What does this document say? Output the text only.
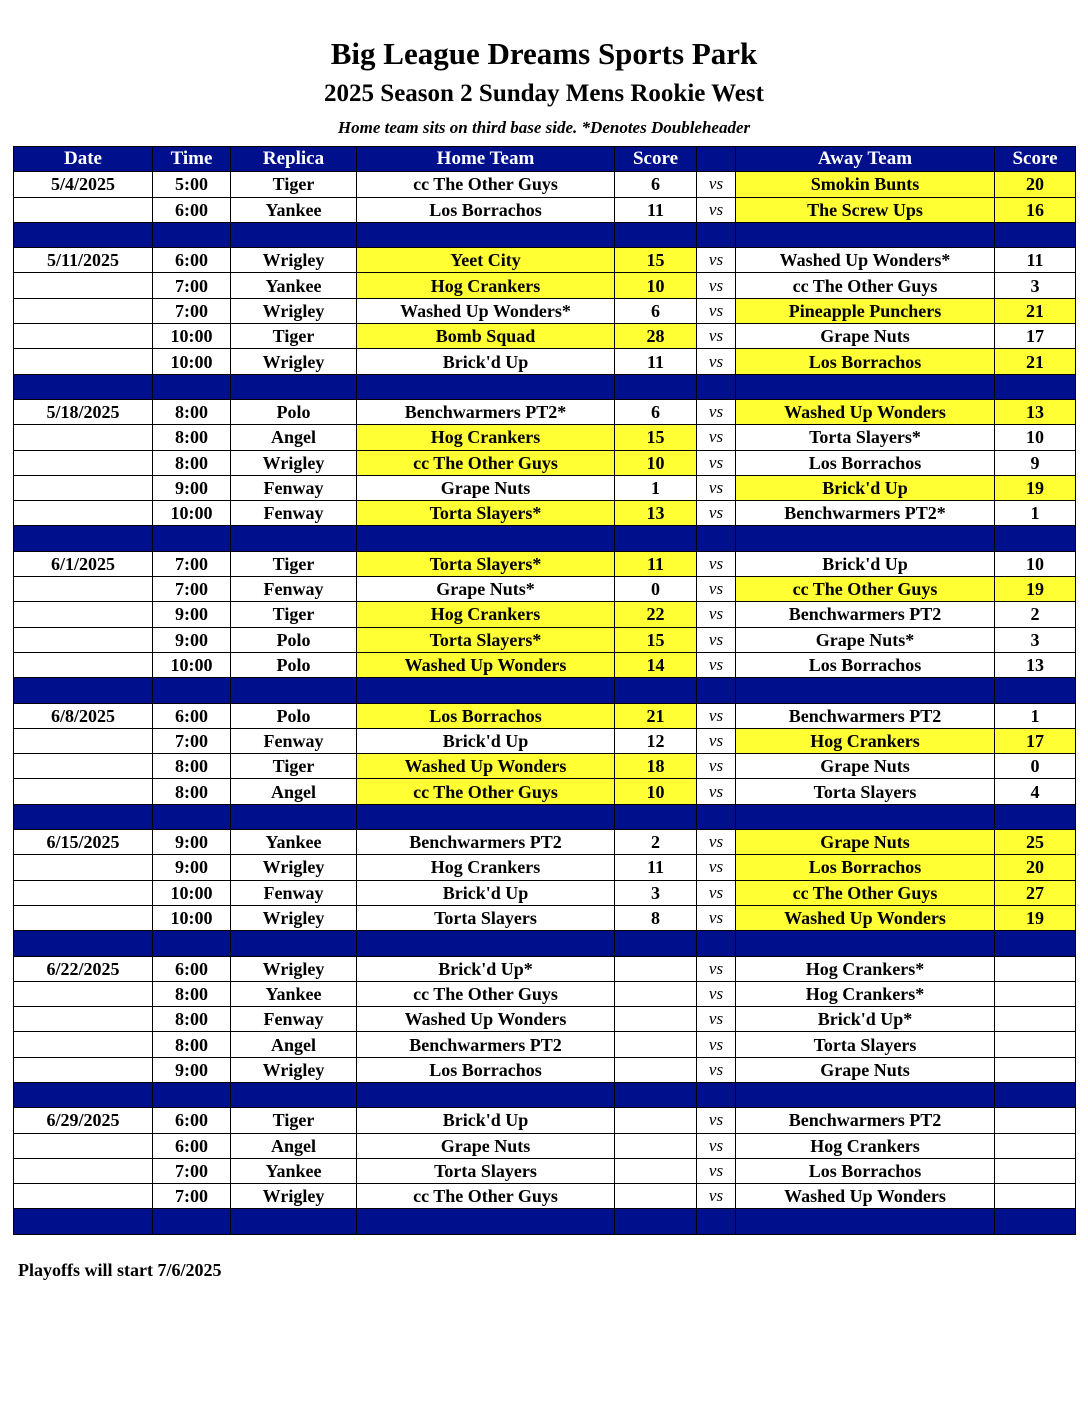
Big League Dreams Sports Park
2025 Season 2 Sunday Mens Rookie West
Home team sits on third base side. *Denotes Doubleheader
Date	Time	Replica	Home Team	Score		Away Team	Score
5/4/2025	5:00	Tiger	cc The Other Guys	6	vs	Smokin Bunts	20
	6:00	Yankee	Los Borrachos	11	vs	The Screw Ups	16

5/11/2025	6:00	Wrigley	Yeet City	15	vs	Washed Up Wonders*	11
	7:00	Yankee	Hog Crankers	10	vs	cc The Other Guys	3
	7:00	Wrigley	Washed Up Wonders*	6	vs	Pineapple Punchers	21
	10:00	Tiger	Bomb Squad	28	vs	Grape Nuts	17
	10:00	Wrigley	Brick'd Up	11	vs	Los Borrachos	21

5/18/2025	8:00	Polo	Benchwarmers PT2*	6	vs	Washed Up Wonders	13
	8:00	Angel	Hog Crankers	15	vs	Torta Slayers*	10
	8:00	Wrigley	cc The Other Guys	10	vs	Los Borrachos	9
	9:00	Fenway	Grape Nuts	1	vs	Brick'd Up	19
	10:00	Fenway	Torta Slayers*	13	vs	Benchwarmers PT2*	1

6/1/2025	7:00	Tiger	Torta Slayers*	11	vs	Brick'd Up	10
	7:00	Fenway	Grape Nuts*	0	vs	cc The Other Guys	19
	9:00	Tiger	Hog Crankers	22	vs	Benchwarmers PT2	2
	9:00	Polo	Torta Slayers*	15	vs	Grape Nuts*	3
	10:00	Polo	Washed Up Wonders	14	vs	Los Borrachos	13

6/8/2025	6:00	Polo	Los Borrachos	21	vs	Benchwarmers PT2	1
	7:00	Fenway	Brick'd Up	12	vs	Hog Crankers	17
	8:00	Tiger	Washed Up Wonders	18	vs	Grape Nuts	0
	8:00	Angel	cc The Other Guys	10	vs	Torta Slayers	4

6/15/2025	9:00	Yankee	Benchwarmers PT2	2	vs	Grape Nuts	25
	9:00	Wrigley	Hog Crankers	11	vs	Los Borrachos	20
	10:00	Fenway	Brick'd Up	3	vs	cc The Other Guys	27
	10:00	Wrigley	Torta Slayers	8	vs	Washed Up Wonders	19

6/22/2025	6:00	Wrigley	Brick'd Up*		vs	Hog Crankers*	
	8:00	Yankee	cc The Other Guys		vs	Hog Crankers*	
	8:00	Fenway	Washed Up Wonders		vs	Brick'd Up*	
	8:00	Angel	Benchwarmers PT2		vs	Torta Slayers	
	9:00	Wrigley	Los Borrachos		vs	Grape Nuts	

6/29/2025	6:00	Tiger	Brick'd Up		vs	Benchwarmers PT2	
	6:00	Angel	Grape Nuts		vs	Hog Crankers	
	7:00	Yankee	Torta Slayers		vs	Los Borrachos	
	7:00	Wrigley	cc The Other Guys		vs	Washed Up Wonders	

Playoffs will start 7/6/2025
